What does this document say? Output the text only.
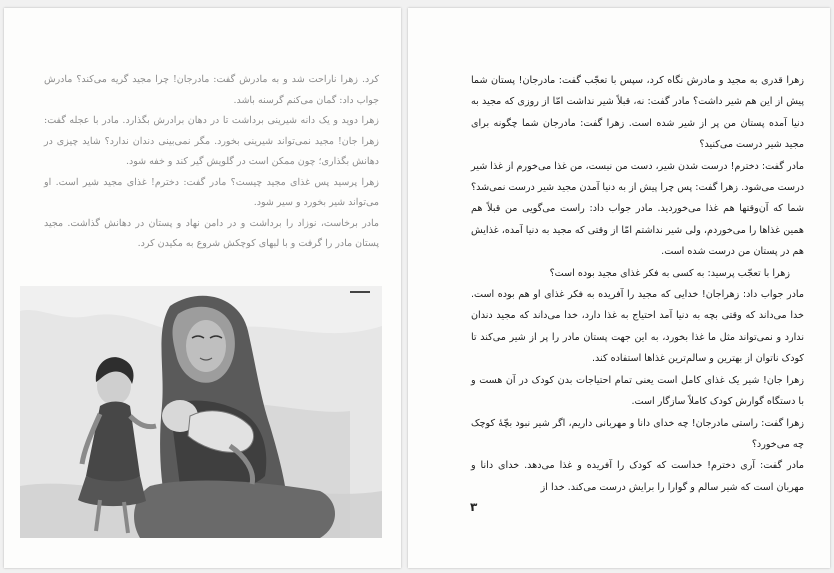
کرد. زهرا ناراحت شد و به مادرش گفت: مادرجان! چرا مجید گریه می‌کند؟ مادرش جواب داد: گمان می‌کنم گرسنه باشد.

زهرا دوید و یک دانه شیرینی برداشت تا در دهان برادرش بگذارد. مادر با عجله گفت: زهرا جان! مجید نمی‌تواند شیرینی بخورد. مگر نمی‌بینی دندان ندارد؟ شاید چیزی در دهانش بگذاری؛ چون ممکن است در گلویش گیر کند و خفه شود.

زهرا پرسید پس غذای مجید چیست؟ مادر گفت: دخترم! غذای مجید شیر است. او می‌تواند شیر بخورد و سیر شود.

مادر برخاست، نوزاد را برداشت و در دامن نهاد و پستان در دهانش گذاشت. مجید پستان مادر را گرفت و با لبهای کوچکش شروع به مکیدن کرد.

زهرا قدری به مجید و مادرش نگاه کرد، سپس با تعجّب گفت: مادرجان! پستان شما پیش از این هم شیر داشت؟ مادر گفت: نه، قبلاً شیر نداشت امّا از روزی که مجید به دنیا آمده پستان من پر از شیر شده است. زهرا گفت: مادرجان شما چگونه برای مجید شیر درست می‌کنید؟

مادر گفت: دخترم! درست شدن شیر، دست من نیست، من غذا می‌خورم از غذا شیر درست می‌شود. زهرا گفت: پس چرا پیش از به دنیا آمدن مجید شیر درست نمی‌شد؟ شما که آن‌وقتها هم غذا می‌خوردید. مادر جواب داد: راست می‌گویی من قبلاً هم همین غذاها را می‌خوردم، ولی شیر نداشتم امّا از وقتی که مجید به دنیا آمده، غذایش هم در پستان من درست شده است.

زهرا با تعجّب پرسید: به کسی به فکر غذای مجید بوده است؟

مادر جواب داد: زهراجان! خدایی که مجید را آفریده به فکر غذای او هم بوده است. خدا می‌داند که وقتی بچه به دنیا آمد احتیاج به غذا دارد، خدا می‌داند که مجید دندان ندارد و نمی‌تواند مثل ما غذا بخورد، به این جهت پستان مادر را پر از شیر می‌کند تا کودک ناتوان از بهترین و سالم‌ترین غذاها استفاده کند.

زهرا جان! شیر یک غذای کامل است یعنی تمام احتیاجات بدن کودک در آن هست و با دستگاه گوارش کودک کاملاً سازگار است.

زهرا گفت: راستی مادرجان! چه خدای دانا و مهربانی داریم، اگر شیر نبود بچّهٔ کوچک چه می‌خورد؟

مادر گفت: آری دخترم! خداست که کودک را آفریده و غذا می‌دهد. خدای دانا و مهربان است که شیر سالم و گوارا را برایش درست می‌کند. خدا از

۳
